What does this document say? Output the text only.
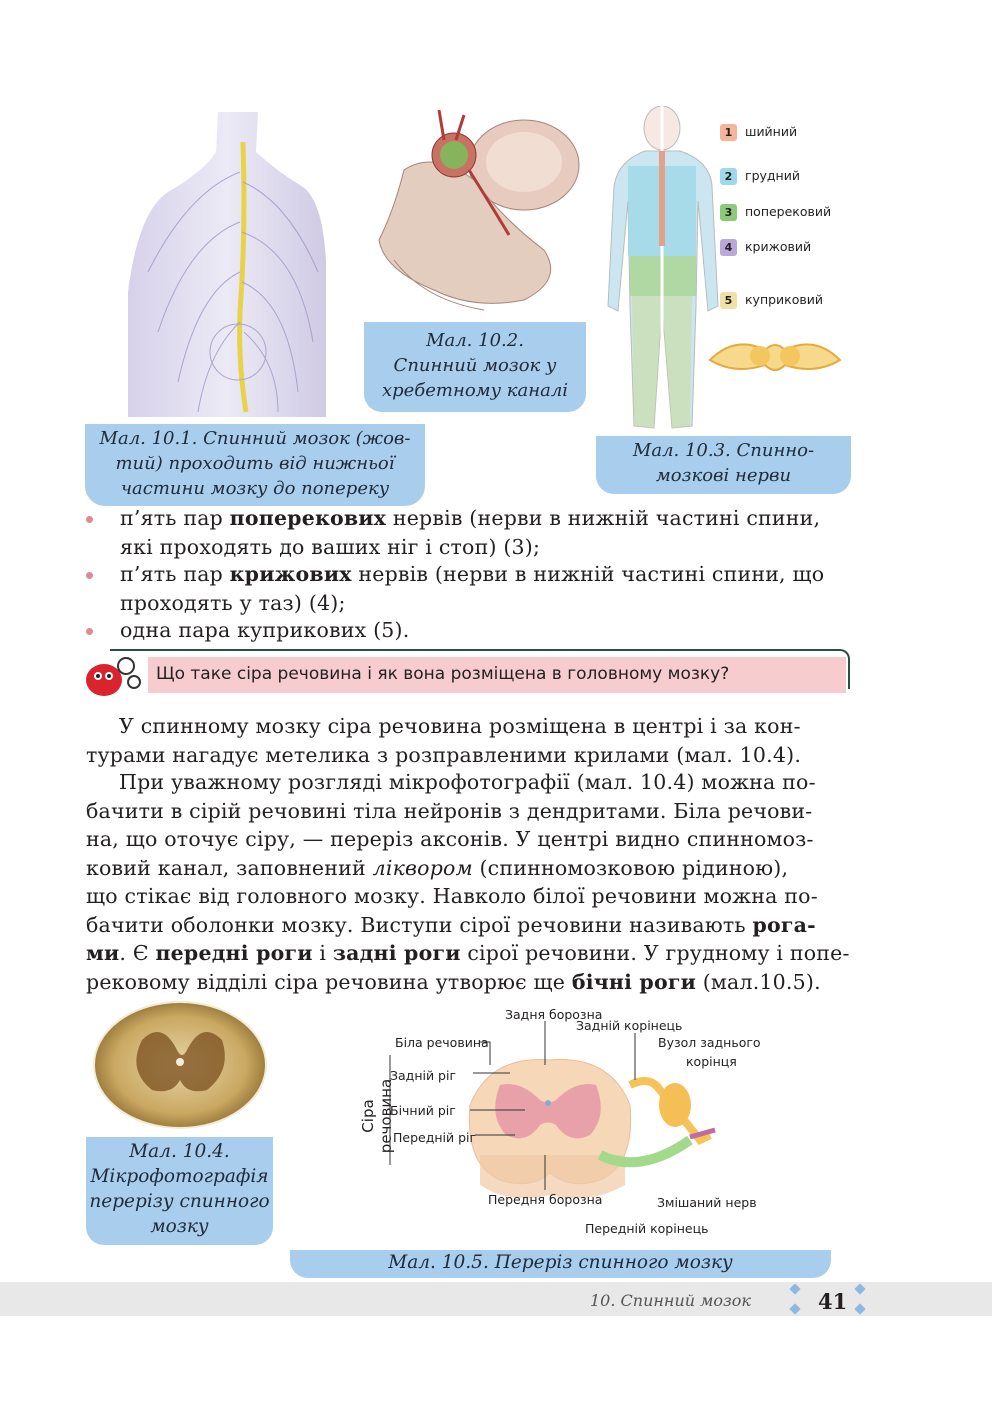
Мал. 10.1. Спинний мозок (жов-
тий) проходить від нижньої
частини мозку до попереку
Мал. 10.2.
Спинний мозок у
хребетному каналі
1 шийний
2 грудний
3 поперековий
4 крижовий
5 куприковий
Мал. 10.3. Спинно-
мозкові нерви
п’ять пар поперекових нервів (нерви в нижній частині спини,
які проходять до ваших ніг і стоп) (3);
п’ять пар крижових нервів (нерви в нижній частині спини, що
проходять у таз) (4);
одна пара куприкових (5).
Що таке сіра речовина і як вона розміщена в головному мозку?
У спинному мозку сіра речовина розміщена в центрі і за кон-
турами нагадує метелика з розправленими крилами (мал. 10.4).
При уважному розгляді мікрофотографії (мал. 10.4) можна по-
бачити в сірій речовині тіла нейронів з дендритами. Біла речови-
на, що оточує сіру, — переріз аксонів. У центрі видно спинномоз-
ковий канал, заповнений ліквором (спинномозковою рідиною),
що стікає від головного мозку. Навколо білої речовини можна по-
бачити оболонки мозку. Виступи сірої речовини називають рога-
ми. Є передні роги і задні роги сірої речовини. У грудному і попе-
рековому відділі сіра речовина утворює ще бічні роги (мал.10.5).
Мал. 10.4.
Мікрофотографія
перерізу спинного
мозку
Задня борозна
Задній корінець
Біла речовина	Вузол заднього
корінця
Задній ріг
Бічний ріг
Передній ріг
Передня борозна	Змішаний нерв
Передній корінець
Сіра речовина
Мал. 10.5. Переріз спинного мозку
10. Спинний мозок	41
